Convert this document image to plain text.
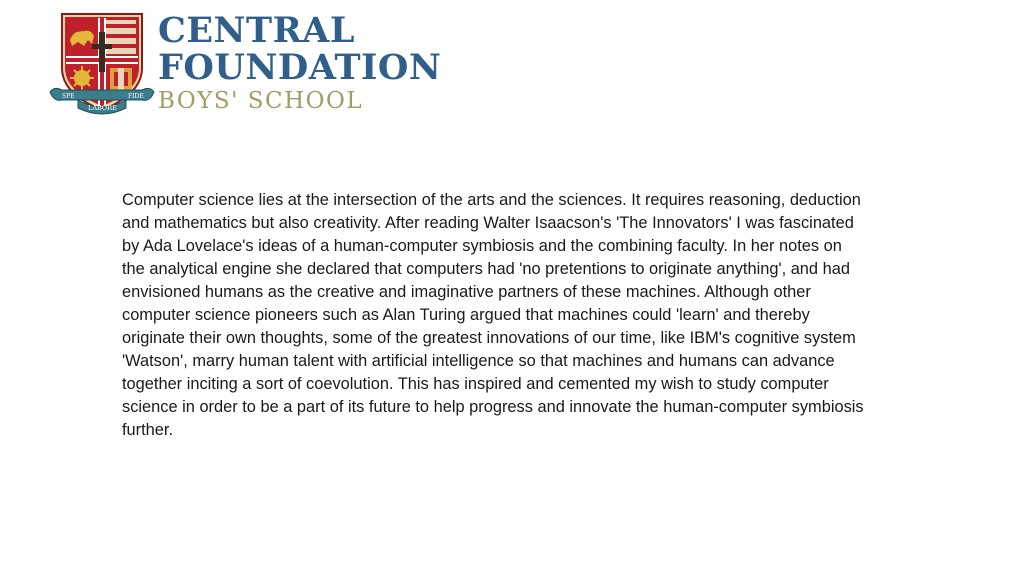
SPE
LABORE
FIDE
CENTRAL
FOUNDATION
BOYS' SCHOOL

Computer science lies at the intersection of the arts and the sciences. It requires reasoning, deduction and mathematics but also creativity. After reading Walter Isaacson's 'The Innovators' I was fascinated by Ada Lovelace's ideas of a human-computer symbiosis and the combining faculty. In her notes on the analytical engine she declared that computers had 'no pretentions to originate anything', and had envisioned humans as the creative and imaginative partners of these machines. Although other computer science pioneers such as Alan Turing argued that machines could 'learn' and thereby originate their own thoughts, some of the greatest innovations of our time, like IBM's cognitive system 'Watson', marry human talent with artificial intelligence so that machines and humans can advance together inciting a sort of coevolution. This has inspired and cemented my wish to study computer science in order to be a part of its future to help progress and innovate the human-computer symbiosis further.
